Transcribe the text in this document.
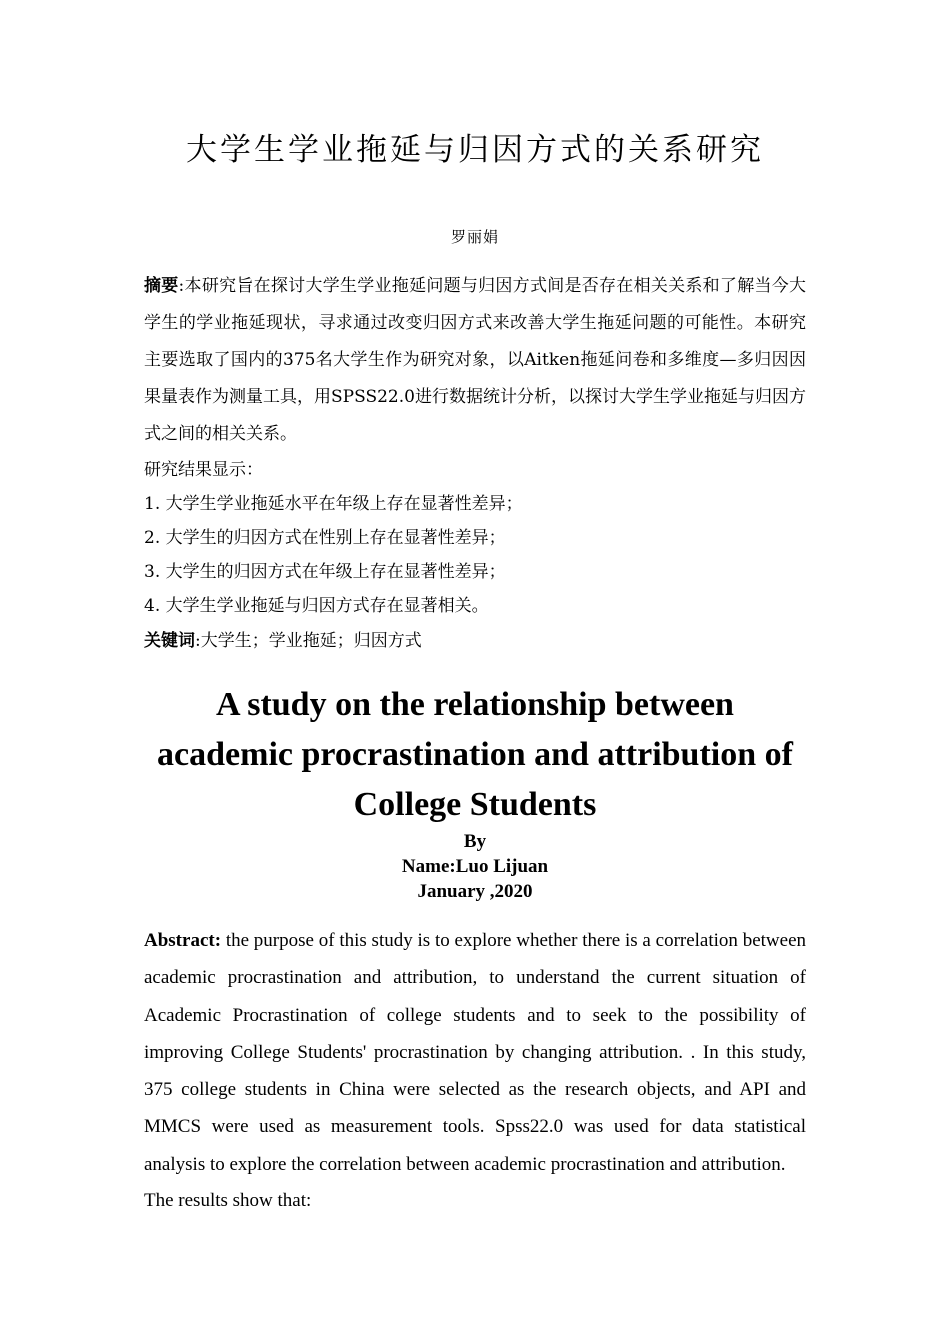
大学生学业拖延与归因方式的关系研究
罗丽娟
摘要:本研究旨在探讨大学生学业拖延问题与归因方式间是否存在相关关系和了解当今大学生的学业拖延现状，寻求通过改变归因方式来改善大学生拖延问题的可能性。本研究主要选取了国内的375名大学生作为研究对象，以Aitken拖延问卷和多维度—多归因因果量表作为测量工具，用SPSS22.0进行数据统计分析，以探讨大学生学业拖延与归因方式之间的相关关系。
研究结果显示：
1. 大学生学业拖延水平在年级上存在显著性差异；
2. 大学生的归因方式在性别上存在显著性差异；
3. 大学生的归因方式在年级上存在显著性差异；
4. 大学生学业拖延与归因方式存在显著相关。
关键词:大学生；学业拖延；归因方式
A study on the relationship between
academic procrastination and attribution of
College Students
By
Name:Luo Lijuan
January ,2020
Abstract: the purpose of this study is to explore whether there is a correlation between academic procrastination and attribution, to understand the current situation of Academic Procrastination of college students and to seek to the possibility of improving College Students' procrastination by changing attribution. . In this study, 375 college students in China were selected as the research objects, and API and MMCS were used as measurement tools. Spss22.0 was used for data statistical analysis to explore the correlation between academic procrastination and attribution.
The results show that:
